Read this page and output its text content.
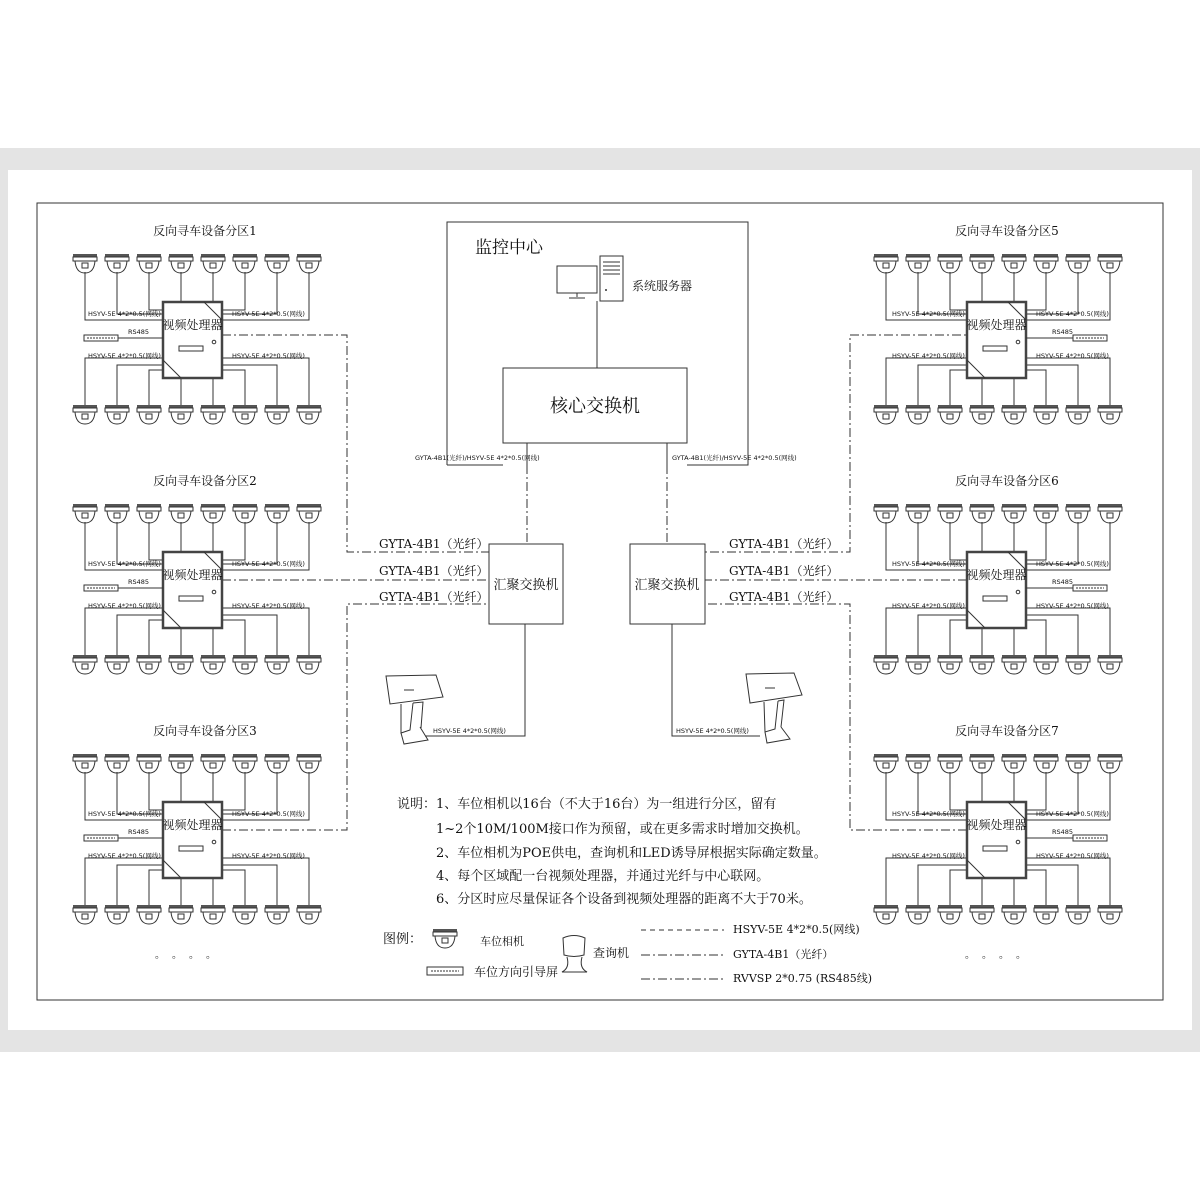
监控中心
系统服务器
核心交换机
GYTA-4B1(光纤)/HSYV-5E 4*2*0.5(网线)	GYTA-4B1(光纤)/HSYV-5E 4*2*0.5(网线)
汇聚交换机	汇聚交换机
GYTA-4B1（光纤）
GYTA-4B1（光纤）
GYTA-4B1（光纤）
GYTA-4B1（光纤）
GYTA-4B1（光纤）
GYTA-4B1（光纤）
HSYV-5E 4*2*0.5(网线)	HSYV-5E 4*2*0.5(网线)
反向寻车设备分区1
视频处理器
HSYV-5E 4*2*0.5(网线)	HSYV-5E 4*2*0.5(网线)
HSYV-5E 4*2*0.5(网线)	HSYV-5E 4*2*0.5(网线)
RS485
反向寻车设备分区2
视频处理器
HSYV-5E 4*2*0.5(网线)	HSYV-5E 4*2*0.5(网线)
HSYV-5E 4*2*0.5(网线)	HSYV-5E 4*2*0.5(网线)
RS485
反向寻车设备分区3
视频处理器
HSYV-5E 4*2*0.5(网线)	HSYV-5E 4*2*0.5(网线)
HSYV-5E 4*2*0.5(网线)	HSYV-5E 4*2*0.5(网线)
RS485
。。。。
反向寻车设备分区5
视频处理器
HSYV-5E 4*2*0.5(网线)	HSYV-5E 4*2*0.5(网线)
HSYV-5E 4*2*0.5(网线)	HSYV-5E 4*2*0.5(网线)
RS485
反向寻车设备分区6
视频处理器
HSYV-5E 4*2*0.5(网线)	HSYV-5E 4*2*0.5(网线)
HSYV-5E 4*2*0.5(网线)	HSYV-5E 4*2*0.5(网线)
RS485
反向寻车设备分区7
视频处理器
HSYV-5E 4*2*0.5(网线)	HSYV-5E 4*2*0.5(网线)
HSYV-5E 4*2*0.5(网线)	HSYV-5E 4*2*0.5(网线)
RS485
。。。。
说明： 1、车位相机以16台（不大于16台）为一组进行分区，留有
1~2个10M/100M接口作为预留，或在更多需求时增加交换机。
2、车位相机为POE供电，查询机和LED诱导屏根据实际确定数量。
4、每个区域配一台视频处理器，并通过光纤与中心联网。
6、分区时应尽量保证各个设备到视频处理器的距离不大于70米。
图例：	车位相机
车位方向引导屏
查询机
HSYV-5E 4*2*0.5(网线)
GYTA-4B1（光纤）
RVVSP 2*0.75 (RS485线)
